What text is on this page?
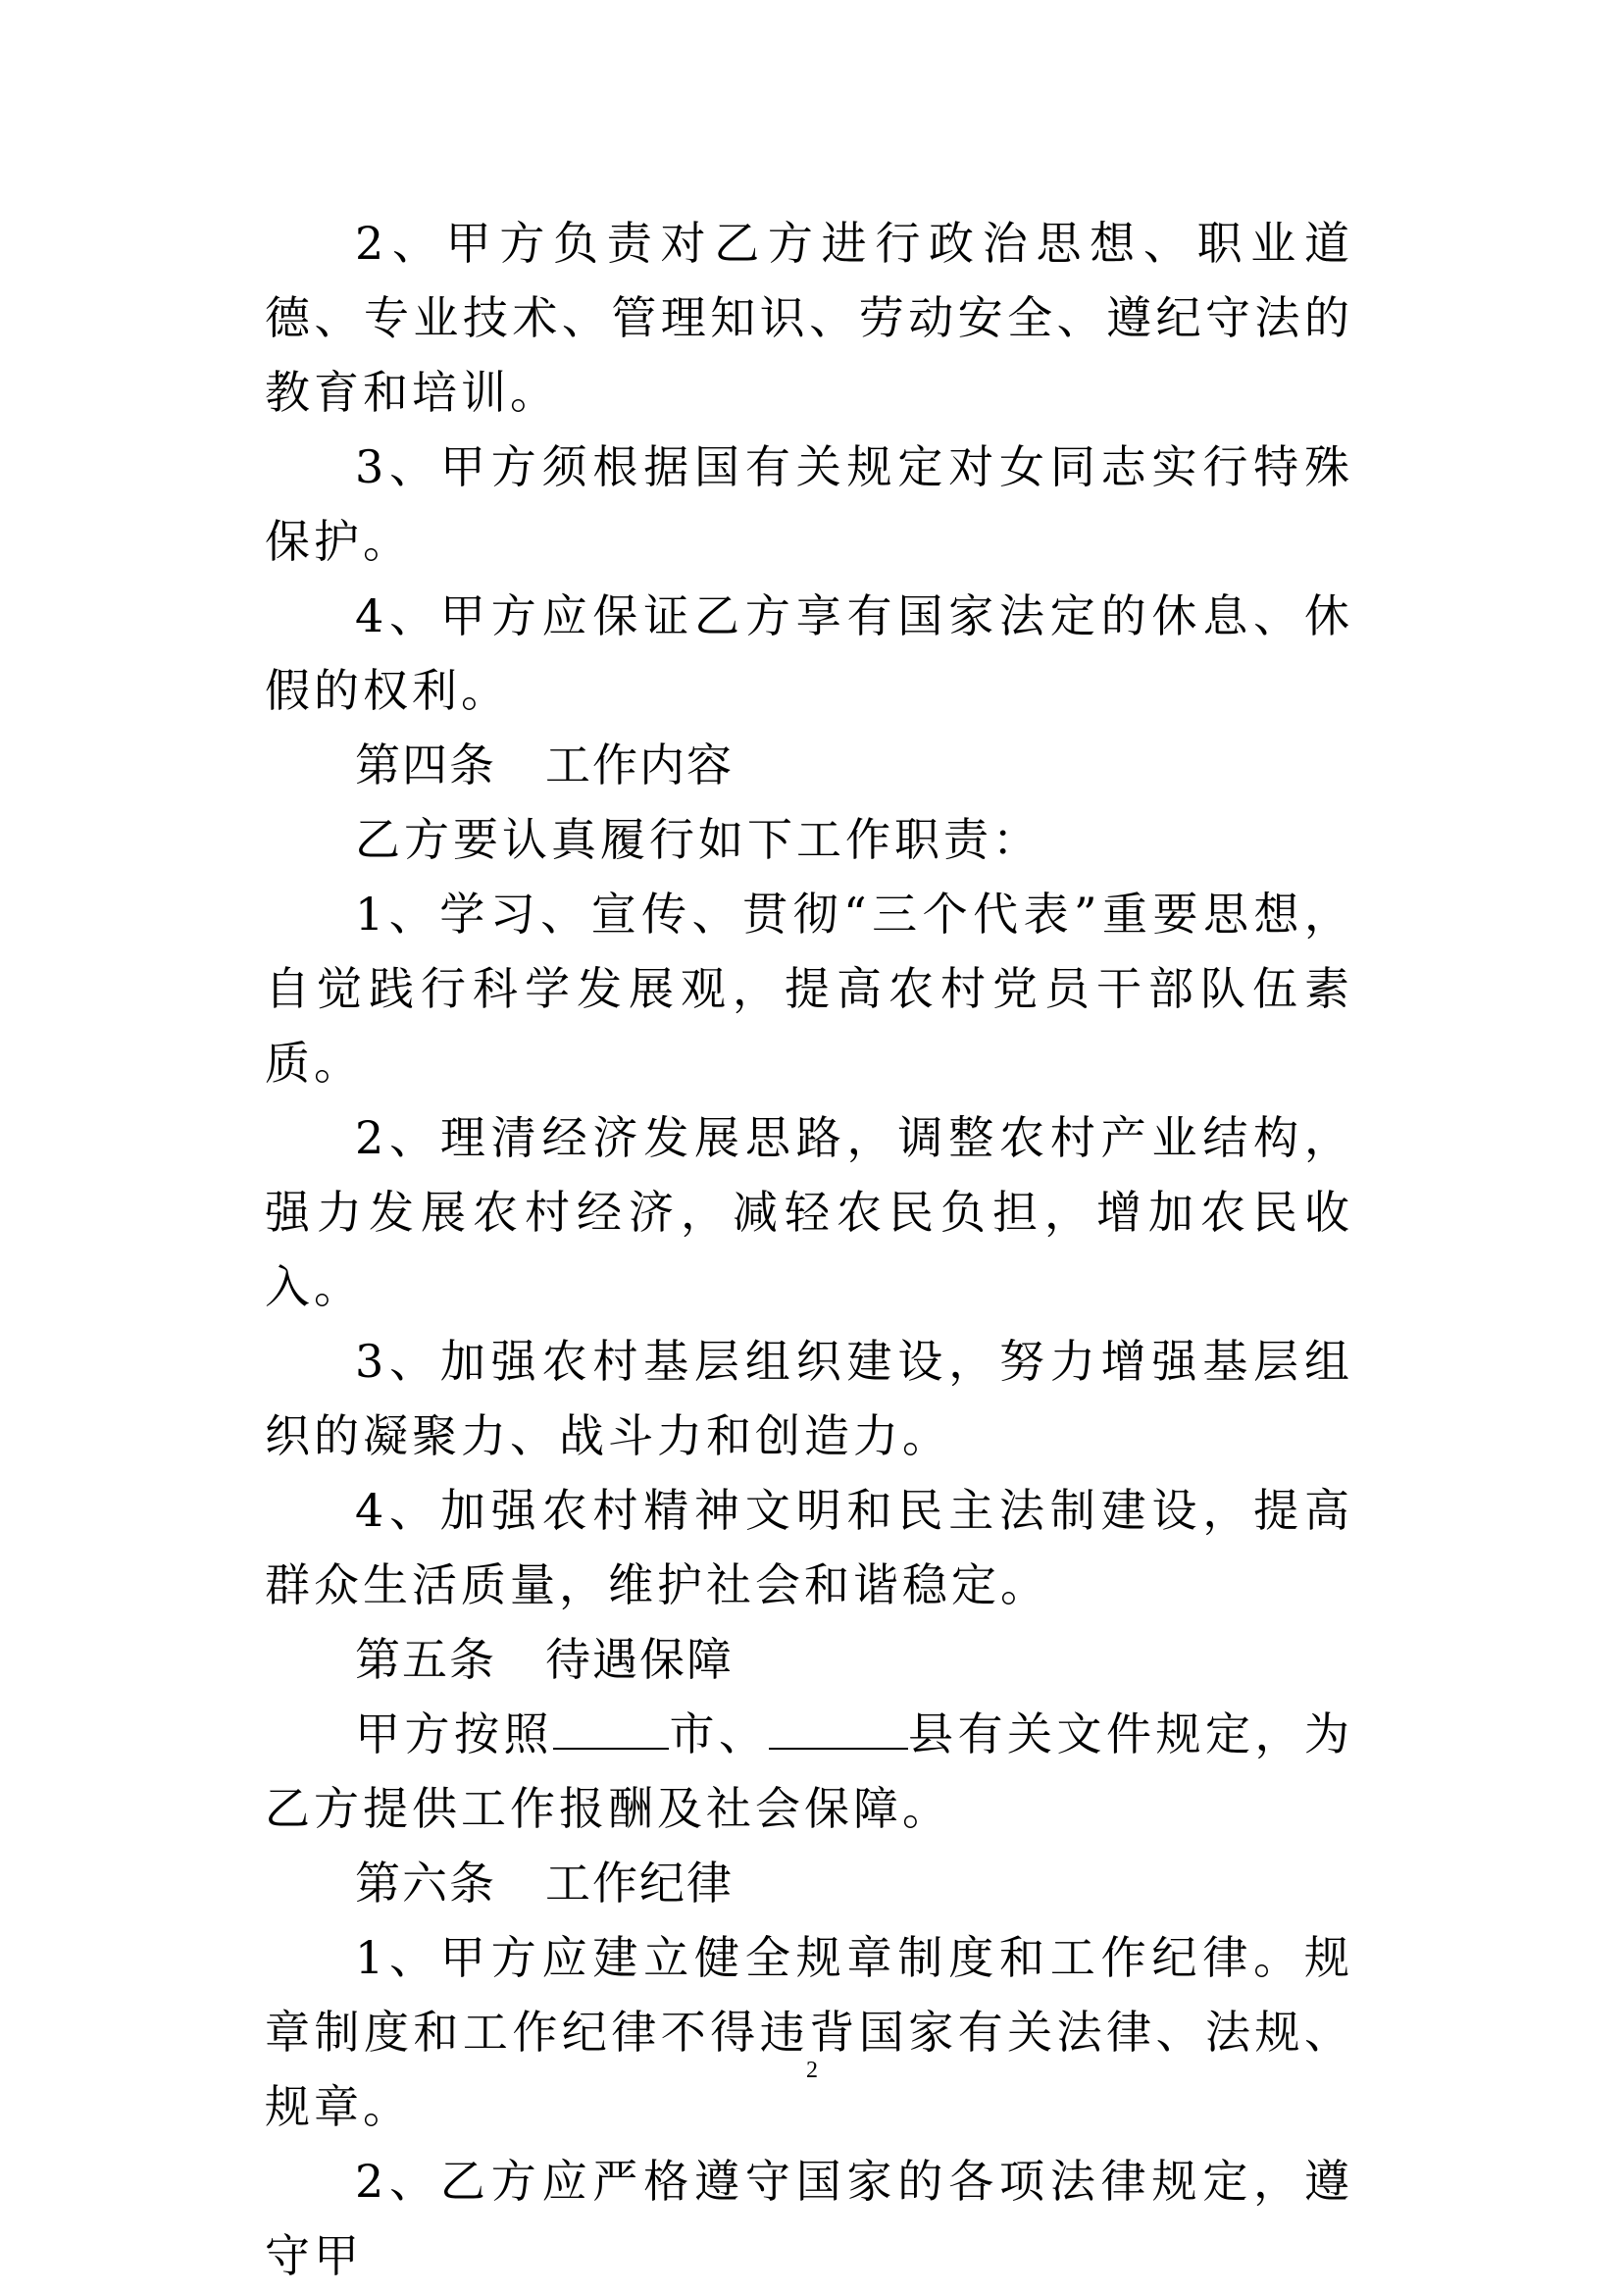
2、甲方负责对乙方进行政治思想、职业道德、专业技术、管理知识、劳动安全、遵纪守法的教育和培训。

3、甲方须根据国有关规定对女同志实行特殊保护。

4、甲方应保证乙方享有国家法定的休息、休假的权利。

第四条 工作内容

乙方要认真履行如下工作职责：

1、学习、宣传、贯彻“三个代表”重要思想，自觉践行科学发展观，提高农村党员干部队伍素质。

2、理清经济发展思路，调整农村产业结构，强力发展农村经济，减轻农民负担，增加农民收入。

3、加强农村基层组织建设，努力增强基层组织的凝聚力、战斗力和创造力。

4、加强农村精神文明和民主法制建设，提高群众生活质量，维护社会和谐稳定。

第五条 待遇保障

甲方按照	市、	县有关文件规定，为乙方提供工作报酬及社会保障。

第六条 工作纪律

1、甲方应建立健全规章制度和工作纪律。规章制度和工作纪律不得违背国家有关法律、法规、规章。

2、乙方应严格遵守国家的各项法律规定，遵守甲

2
